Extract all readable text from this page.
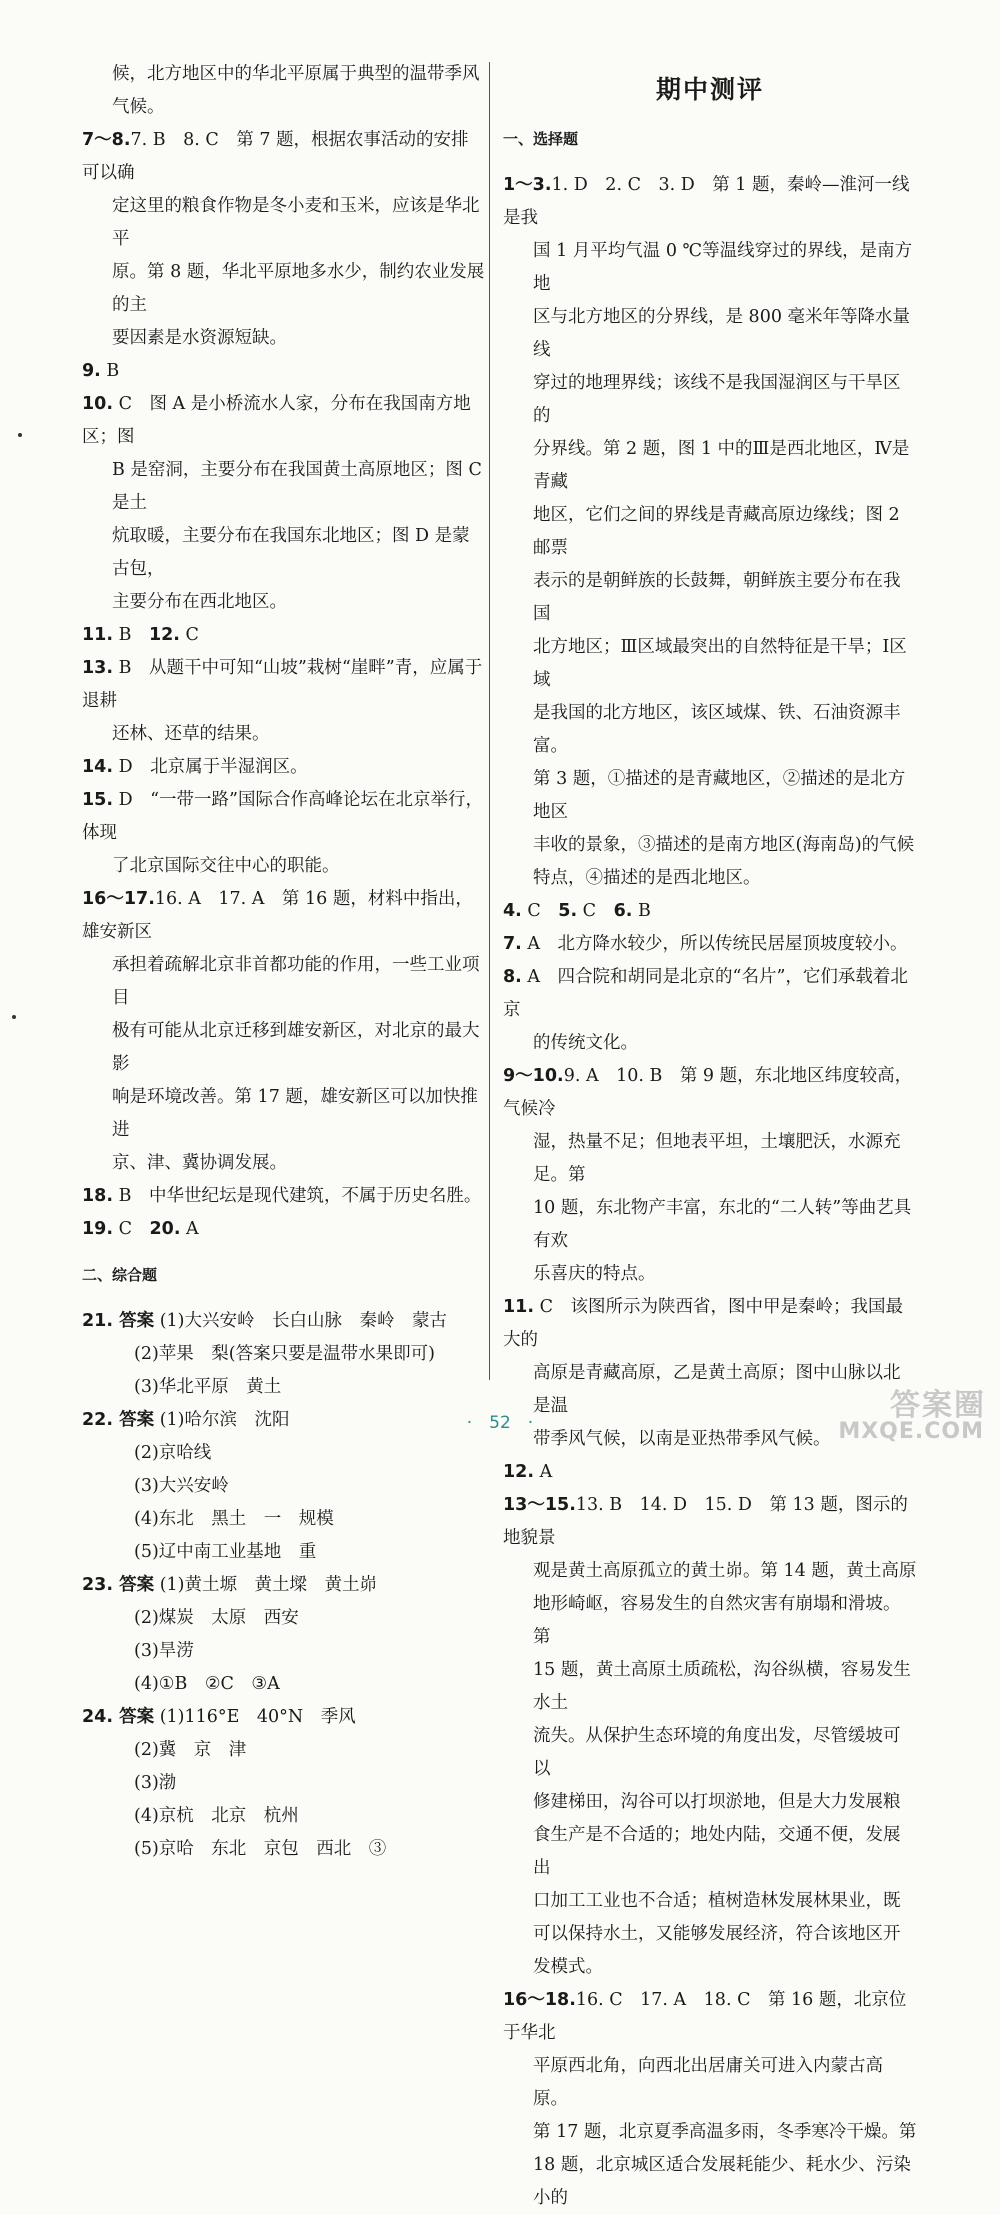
候，北方地区中的华北平原属于典型的温带季风气候。

7～8.7. B　8. C　第 7 题，根据农事活动的安排可以确

定这里的粮食作物是冬小麦和玉米，应该是华北平

原。第 8 题，华北平原地多水少，制约农业发展的主

要因素是水资源短缺。

9. B

10. C　图 A 是小桥流水人家，分布在我国南方地区；图

B 是窑洞，主要分布在我国黄土高原地区；图 C 是土

炕取暖，主要分布在我国东北地区；图 D 是蒙古包，

主要分布在西北地区。

11. B　12. C

13. B　从题干中可知“山坡”栽树“崖畔”青，应属于退耕

还林、还草的结果。

14. D　北京属于半湿润区。

15. D　“一带一路”国际合作高峰论坛在北京举行，体现

了北京国际交往中心的职能。

16～17.16. A　17. A　第 16 题，材料中指出，雄安新区

承担着疏解北京非首都功能的作用，一些工业项目

极有可能从北京迁移到雄安新区，对北京的最大影

响是环境改善。第 17 题，雄安新区可以加快推进

京、津、冀协调发展。

18. B　中华世纪坛是现代建筑，不属于历史名胜。

19. C　20. A

二、综合题

21. 答案 (1)大兴安岭　长白山脉　秦岭　蒙古

(2)苹果　梨(答案只要是温带水果即可)

(3)华北平原　黄土

22. 答案 (1)哈尔滨　沈阳

(2)京哈线

(3)大兴安岭

(4)东北　黑土　一　规模

(5)辽中南工业基地　重

23. 答案 (1)黄土塬　黄土墚　黄土峁

(2)煤炭　太原　西安

(3)旱涝

(4)①B　②C　③A

24. 答案 (1)116°E　40°N　季风

(2)冀　京　津

(3)渤

(4)京杭　北京　杭州

(5)京哈　东北　京包　西北　③

期中测评

一、选择题

1～3.1. D　2. C　3. D　第 1 题，秦岭—淮河一线是我

国 1 月平均气温 0 ℃等温线穿过的界线，是南方地

区与北方地区的分界线，是 800 毫米年等降水量线

穿过的地理界线；该线不是我国湿润区与干旱区的

分界线。第 2 题，图 1 中的Ⅲ是西北地区，Ⅳ是青藏

地区，它们之间的界线是青藏高原边缘线；图 2 邮票

表示的是朝鲜族的长鼓舞，朝鲜族主要分布在我国

北方地区；Ⅲ区域最突出的自然特征是干旱；Ⅰ区域

是我国的北方地区，该区域煤、铁、石油资源丰富。

第 3 题，①描述的是青藏地区，②描述的是北方地区

丰收的景象，③描述的是南方地区(海南岛)的气候

特点，④描述的是西北地区。

4. C　5. C　6. B

7. A　北方降水较少，所以传统民居屋顶坡度较小。

8. A　四合院和胡同是北京的“名片”，它们承载着北京

的传统文化。

9～10.9. A　10. B　第 9 题，东北地区纬度较高，气候冷

湿，热量不足；但地表平坦，土壤肥沃，水源充足。第

10 题，东北物产丰富，东北的“二人转”等曲艺具有欢

乐喜庆的特点。

11. C　该图所示为陕西省，图中甲是秦岭；我国最大的

高原是青藏高原，乙是黄土高原；图中山脉以北是温

带季风气候，以南是亚热带季风气候。

12. A

13～15.13. B　14. D　15. D　第 13 题，图示的地貌景

观是黄土高原孤立的黄土峁。第 14 题，黄土高原

地形崎岖，容易发生的自然灾害有崩塌和滑坡。第

15 题，黄土高原土质疏松，沟谷纵横，容易发生水土

流失。从保护生态环境的角度出发，尽管缓坡可以

修建梯田，沟谷可以打坝淤地，但是大力发展粮

食生产是不合适的；地处内陆，交通不便，发展出

口加工工业也不合适；植树造林发展林果业，既

可以保持水土，又能够发展经济，符合该地区开

发模式。

16～18.16. C　17. A　18. C　第 16 题，北京位于华北

平原西北角，向西北出居庸关可进入内蒙古高原。

第 17 题，北京夏季高温多雨，冬季寒冷干燥。第

18 题，北京城区适合发展耗能少、耗水少、污染小的

·　52　·	答案圈
MXQE.COM
